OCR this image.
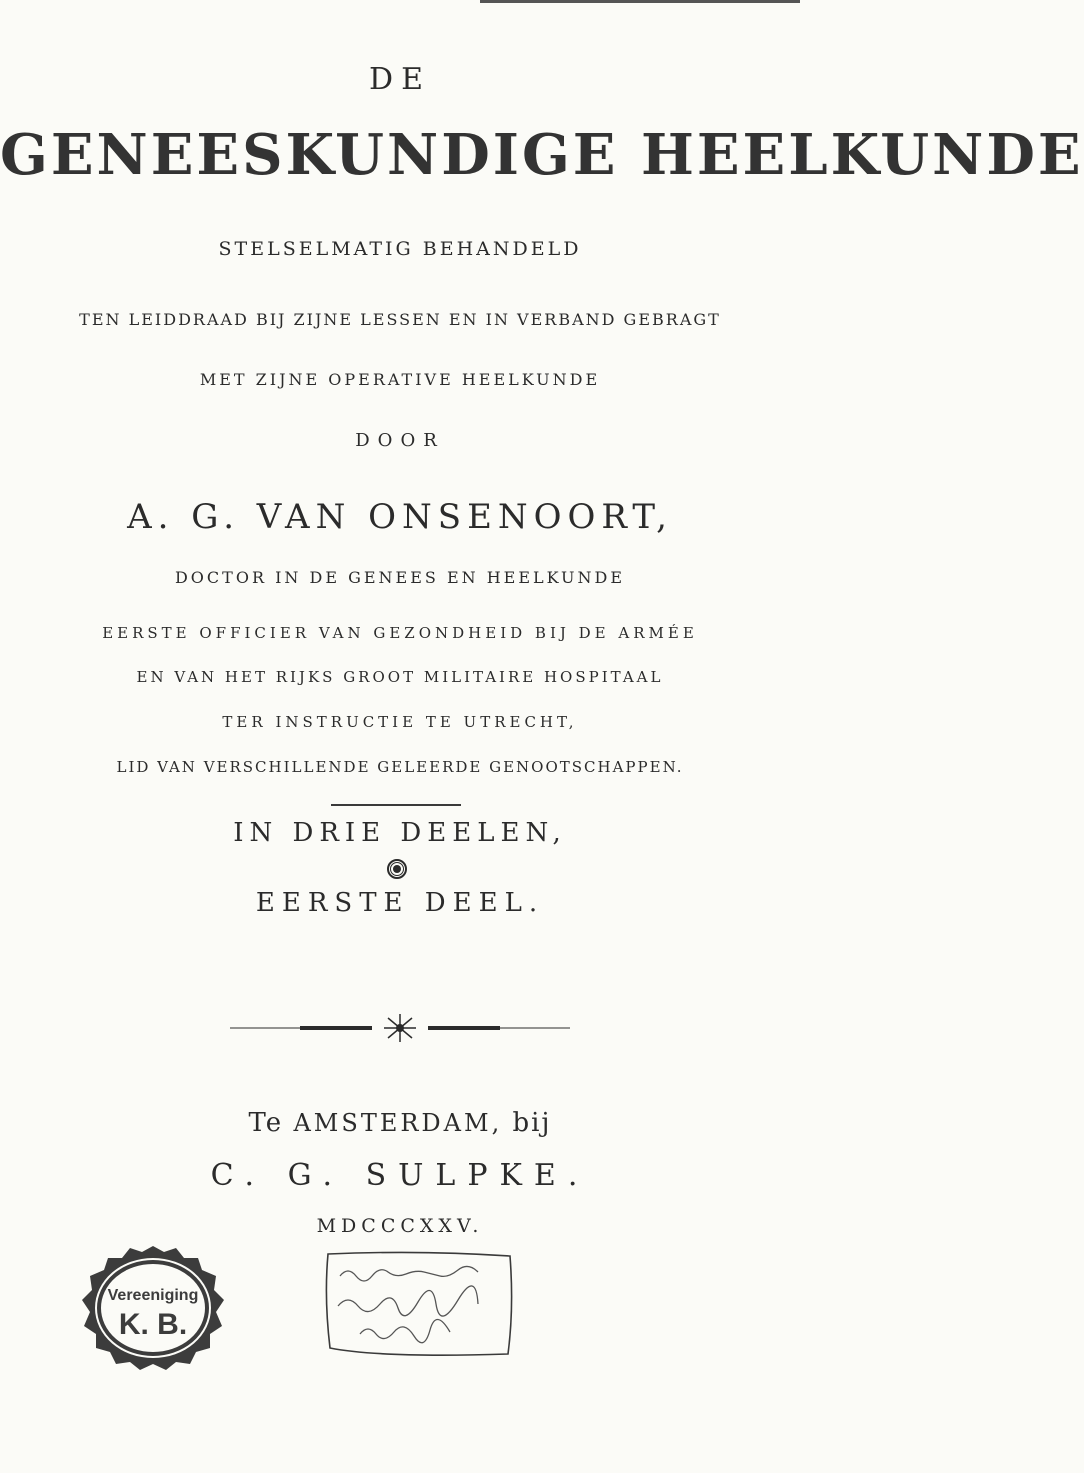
DE
GENEESKUNDIGE HEELKUNDE
STELSELMATIG BEHANDELD
TEN LEIDDRAAD BIJ ZIJNE LESSEN EN IN VERBAND GEBRAGT
MET ZIJNE OPERATIVE HEELKUNDE
DOOR
A. G. VAN ONSENOORT,
DOCTOR IN DE GENEES EN HEELKUNDE
EERSTE OFFICIER VAN GEZONDHEID BIJ DE ARMÉE
EN VAN HET RIJKS GROOT MILITAIRE HOSPITAAL
TER INSTRUCTIE TE UTRECHT,
LID VAN VERSCHILLENDE GELEERDE GENOOTSCHAPPEN.
IN DRIE DEELEN,
EERSTE DEEL.
Te AMSTERDAM, bij
C. G. SULPKE.
MDCCCXXV.
Vereeniging
K. B.
